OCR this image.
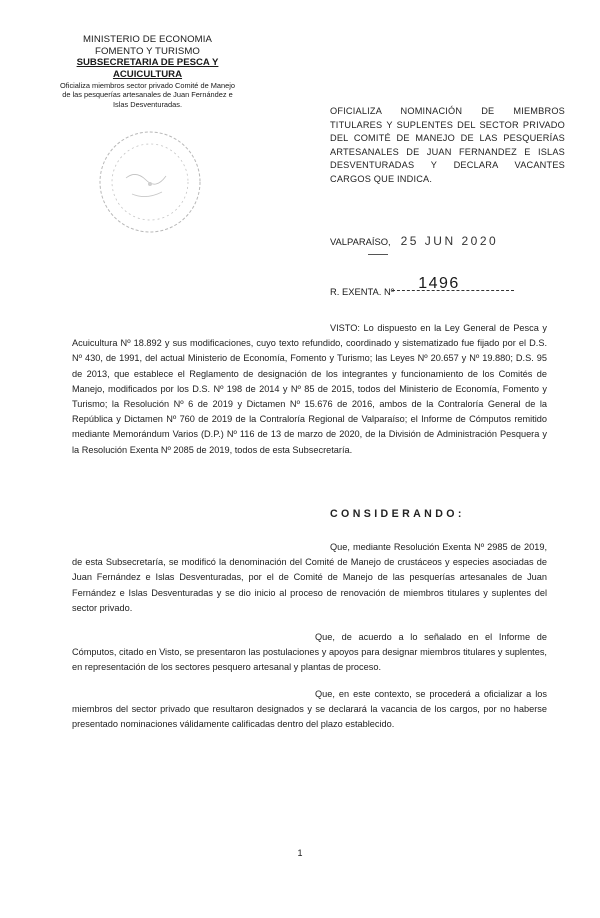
MINISTERIO DE ECONOMIA
FOMENTO Y TURISMO
SUBSECRETARIA DE PESCA Y ACUICULTURA
Oficializa miembros sector privado Comité de Manejo de las pesquerías artesanales de Juan Fernández e Islas Desventuradas.
OFICIALIZA NOMINACIÓN DE MIEMBROS TITULARES Y SUPLENTES DEL SECTOR PRIVADO DEL COMITÉ DE MANEJO DE LAS PESQUERÍAS ARTESANALES DE JUAN FERNANDEZ E ISLAS DESVENTURADAS Y DECLARA VACANTES CARGOS QUE INDICA.
VALPARAÍSO, 25 JUN 2020
R. EXENTA. Nº 1496
VISTO: Lo dispuesto en la Ley General de Pesca y Acuicultura Nº 18.892 y sus modificaciones, cuyo texto refundido, coordinado y sistematizado fue fijado por el D.S. Nº 430, de 1991, del actual Ministerio de Economía, Fomento y Turismo; las Leyes Nº 20.657 y Nº 19.880; D.S. 95 de 2013, que establece el Reglamento de designación de los integrantes y funcionamiento de los Comités de Manejo, modificados por los D.S. Nº 198 de 2014 y Nº 85 de 2015, todos del Ministerio de Economía, Fomento y Turismo; la Resolución Nº 6 de 2019 y Dictamen Nº 15.676 de 2016, ambos de la Contraloría General de la República y Dictamen Nº 760 de 2019 de la Contraloría Regional de Valparaíso; el Informe de Cómputos remitido mediante Memorándum Varios (D.P.) Nº 116 de 13 de marzo de 2020, de la División de Administración Pesquera y la Resolución Exenta Nº 2085 de 2019, todos de esta Subsecretaría.
CONSIDERANDO:
Que, mediante Resolución Exenta Nº 2985 de 2019, de esta Subsecretaría, se modificó la denominación del Comité de Manejo de crustáceos y especies asociadas de Juan Fernández e Islas Desventuradas, por el de Comité de Manejo de las pesquerías artesanales de Juan Fernández e Islas Desventuradas y se dio inicio al proceso de renovación de miembros titulares y suplentes del sector privado.
Que, de acuerdo a lo señalado en el Informe de Cómputos, citado en Visto, se presentaron las postulaciones y apoyos para designar miembros titulares y suplentes, en representación de los sectores pesquero artesanal y plantas de proceso.
Que, en este contexto, se procederá a oficializar a los miembros del sector privado que resultaron designados y se declarará la vacancia de los cargos, por no haberse presentado nominaciones válidamente calificadas dentro del plazo establecido.
1
